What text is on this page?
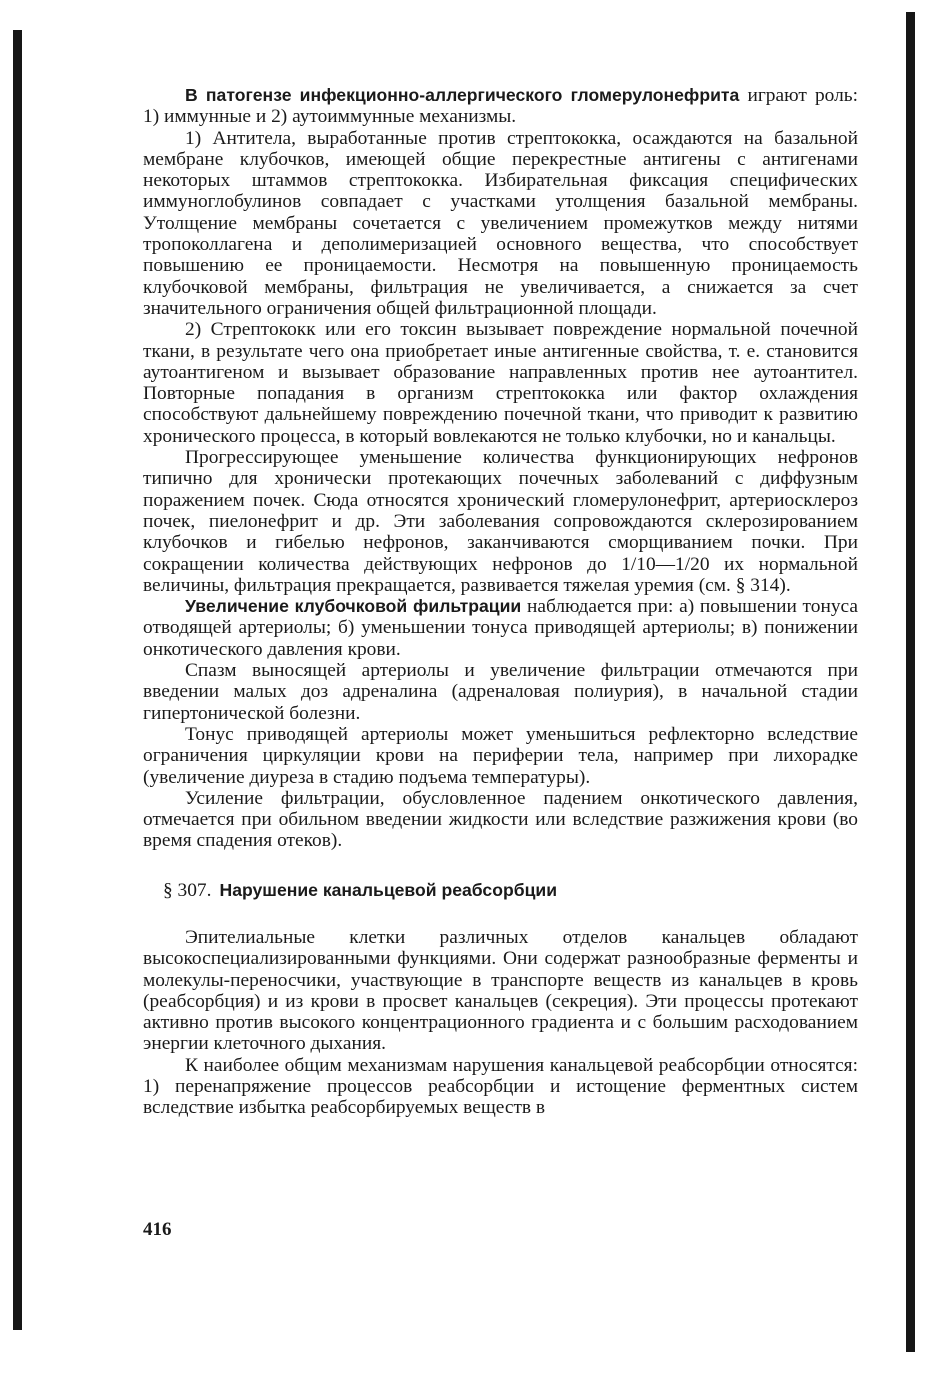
В патогензе инфекционно-аллергического гломерулонефрита играют роль: 1) иммунные и 2) аутоиммунные механизмы.

1) Антитела, выработанные против стрептококка, осаждаются на базальной мембране клубочков, имеющей общие перекрестные антигены с антигенами некоторых штаммов стрептококка. Избирательная фиксация специфических иммуноглобулинов совпадает с участками утолщения базальной мембраны. Утолщение мембраны сочетается с увеличением промежутков между нитями тропоколлагена и деполимеризацией основного вещества, что способствует повышению ее проницаемости. Несмотря на повышенную проницаемость клубочковой мембраны, фильтрация не увеличивается, а снижается за счет значительного ограничения общей фильтрационной площади.

2) Стрептококк или его токсин вызывает повреждение нормальной почечной ткани, в результате чего она приобретает иные антигенные свойства, т. е. становится аутоантигеном и вызывает образование направленных против нее аутоантител. Повторные попадания в организм стрептококка или фактор охлаждения способствуют дальнейшему повреждению почечной ткани, что приводит к развитию хронического процесса, в который вовлекаются не только клубочки, но и канальцы.

Прогрессирующее уменьшение количества функционирующих нефронов типично для хронически протекающих почечных заболеваний с диффузным поражением почек. Сюда относятся хронический гломерулонефрит, артериосклероз почек, пиелонефрит и др. Эти заболевания сопровождаются склерозированием клубочков и гибелью нефронов, заканчиваются сморщиванием почки. При сокращении количества действующих нефронов до 1/10—1/20 их нормальной величины, фильтрация прекращается, развивается тяжелая уремия (см. § 314).

Увеличение клубочковой фильтрации наблюдается при: а) повышении тонуса отводящей артериолы; б) уменьшении тонуса приводящей артериолы; в) понижении онкотического давления крови.

Спазм выносящей артериолы и увеличение фильтрации отмечаются при введении малых доз адреналина (адреналовая полиурия), в начальной стадии гипертонической болезни.

Тонус приводящей артериолы может уменьшиться рефлекторно вследствие ограничения циркуляции крови на периферии тела, например при лихорадке (увеличение диуреза в стадию подъема температуры).

Усиление фильтрации, обусловленное падением онкотического давления, отмечается при обильном введении жидкости или вследствие разжижения крови (во время спадения отеков).

§ 307. Нарушение канальцевой реабсорбции

Эпителиальные клетки различных отделов канальцев обладают высокоспециализированными функциями. Они содержат разнообразные ферменты и молекулы-переносчики, участвующие в транспорте веществ из канальцев в кровь (реабсорбция) и из крови в просвет канальцев (секреция). Эти процессы протекают активно против высокого концентрационного градиента и с большим расходованием энергии клеточного дыхания.

К наиболее общим механизмам нарушения канальцевой реабсорбции относятся: 1) перенапряжение процессов реабсорбции и истощение ферментных систем вследствие избытка реабсорбируемых веществ в

416
